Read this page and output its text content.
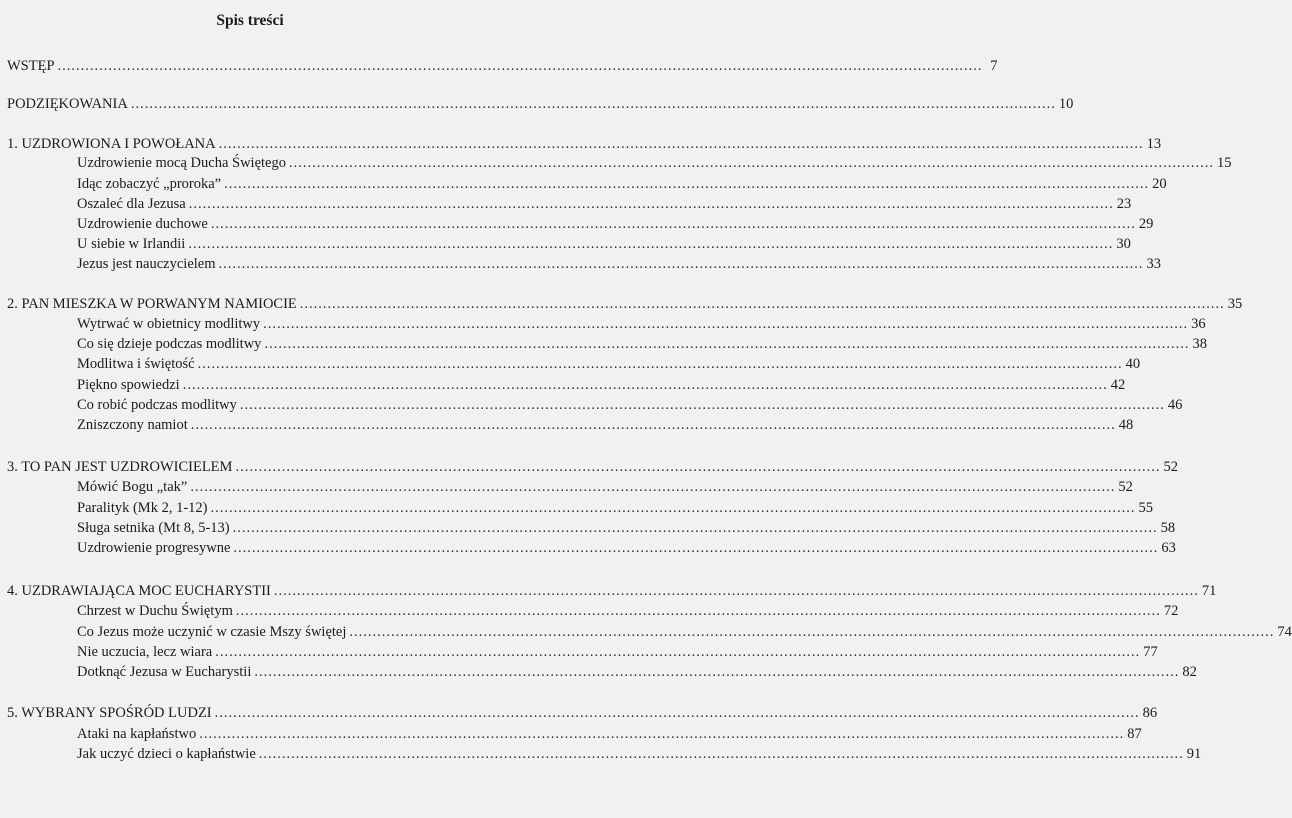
Spis treści
WSTĘP ........................................................................................................................................................................................................ 7
PODZIĘKOWANIA ........................................................................................................................................................................................................ 10
1. UZDROWIONA I POWOŁANA ........................................................................................................................................................................................................ 13
Uzdrowienie mocą Ducha Świętego ........................................................................................................................................................................................................ 15
Idąc zobaczyć „proroka” ........................................................................................................................................................................................................ 20
Oszaleć dla Jezusa ........................................................................................................................................................................................................ 23
Uzdrowienie duchowe ........................................................................................................................................................................................................ 29
U siebie w Irlandii ........................................................................................................................................................................................................ 30
Jezus jest nauczycielem ........................................................................................................................................................................................................ 33
2. PAN MIESZKA W PORWANYM NAMIOCIE ........................................................................................................................................................................................................ 35
Wytrwać w obietnicy modlitwy ........................................................................................................................................................................................................ 36
Co się dzieje podczas modlitwy ........................................................................................................................................................................................................ 38
Modlitwa i świętość ........................................................................................................................................................................................................ 40
Piękno spowiedzi ........................................................................................................................................................................................................ 42
Co robić podczas modlitwy ........................................................................................................................................................................................................ 46
Zniszczony namiot ........................................................................................................................................................................................................ 48
3. TO PAN JEST UZDROWICIELEM ........................................................................................................................................................................................................ 52
Mówić Bogu „tak” ........................................................................................................................................................................................................ 52
Paralityk (Mk 2, 1-12) ........................................................................................................................................................................................................ 55
Sługa setnika (Mt 8, 5-13) ........................................................................................................................................................................................................ 58
Uzdrowienie progresywne ........................................................................................................................................................................................................ 63
4. UZDRAWIAJĄCA MOC EUCHARYSTII ........................................................................................................................................................................................................ 71
Chrzest w Duchu Świętym ........................................................................................................................................................................................................ 72
Co Jezus może uczynić w czasie Mszy świętej ........................................................................................................................................................................................................ 74
Nie uczucia, lecz wiara ........................................................................................................................................................................................................ 77
Dotknąć Jezusa w Eucharystii ........................................................................................................................................................................................................ 82
5. WYBRANY SPOŚRÓD LUDZI ........................................................................................................................................................................................................ 86
Atakі na kapłaństwo ........................................................................................................................................................................................................ 87
Jak uczyć dzieci o kapłaństwie ........................................................................................................................................................................................................ 91
